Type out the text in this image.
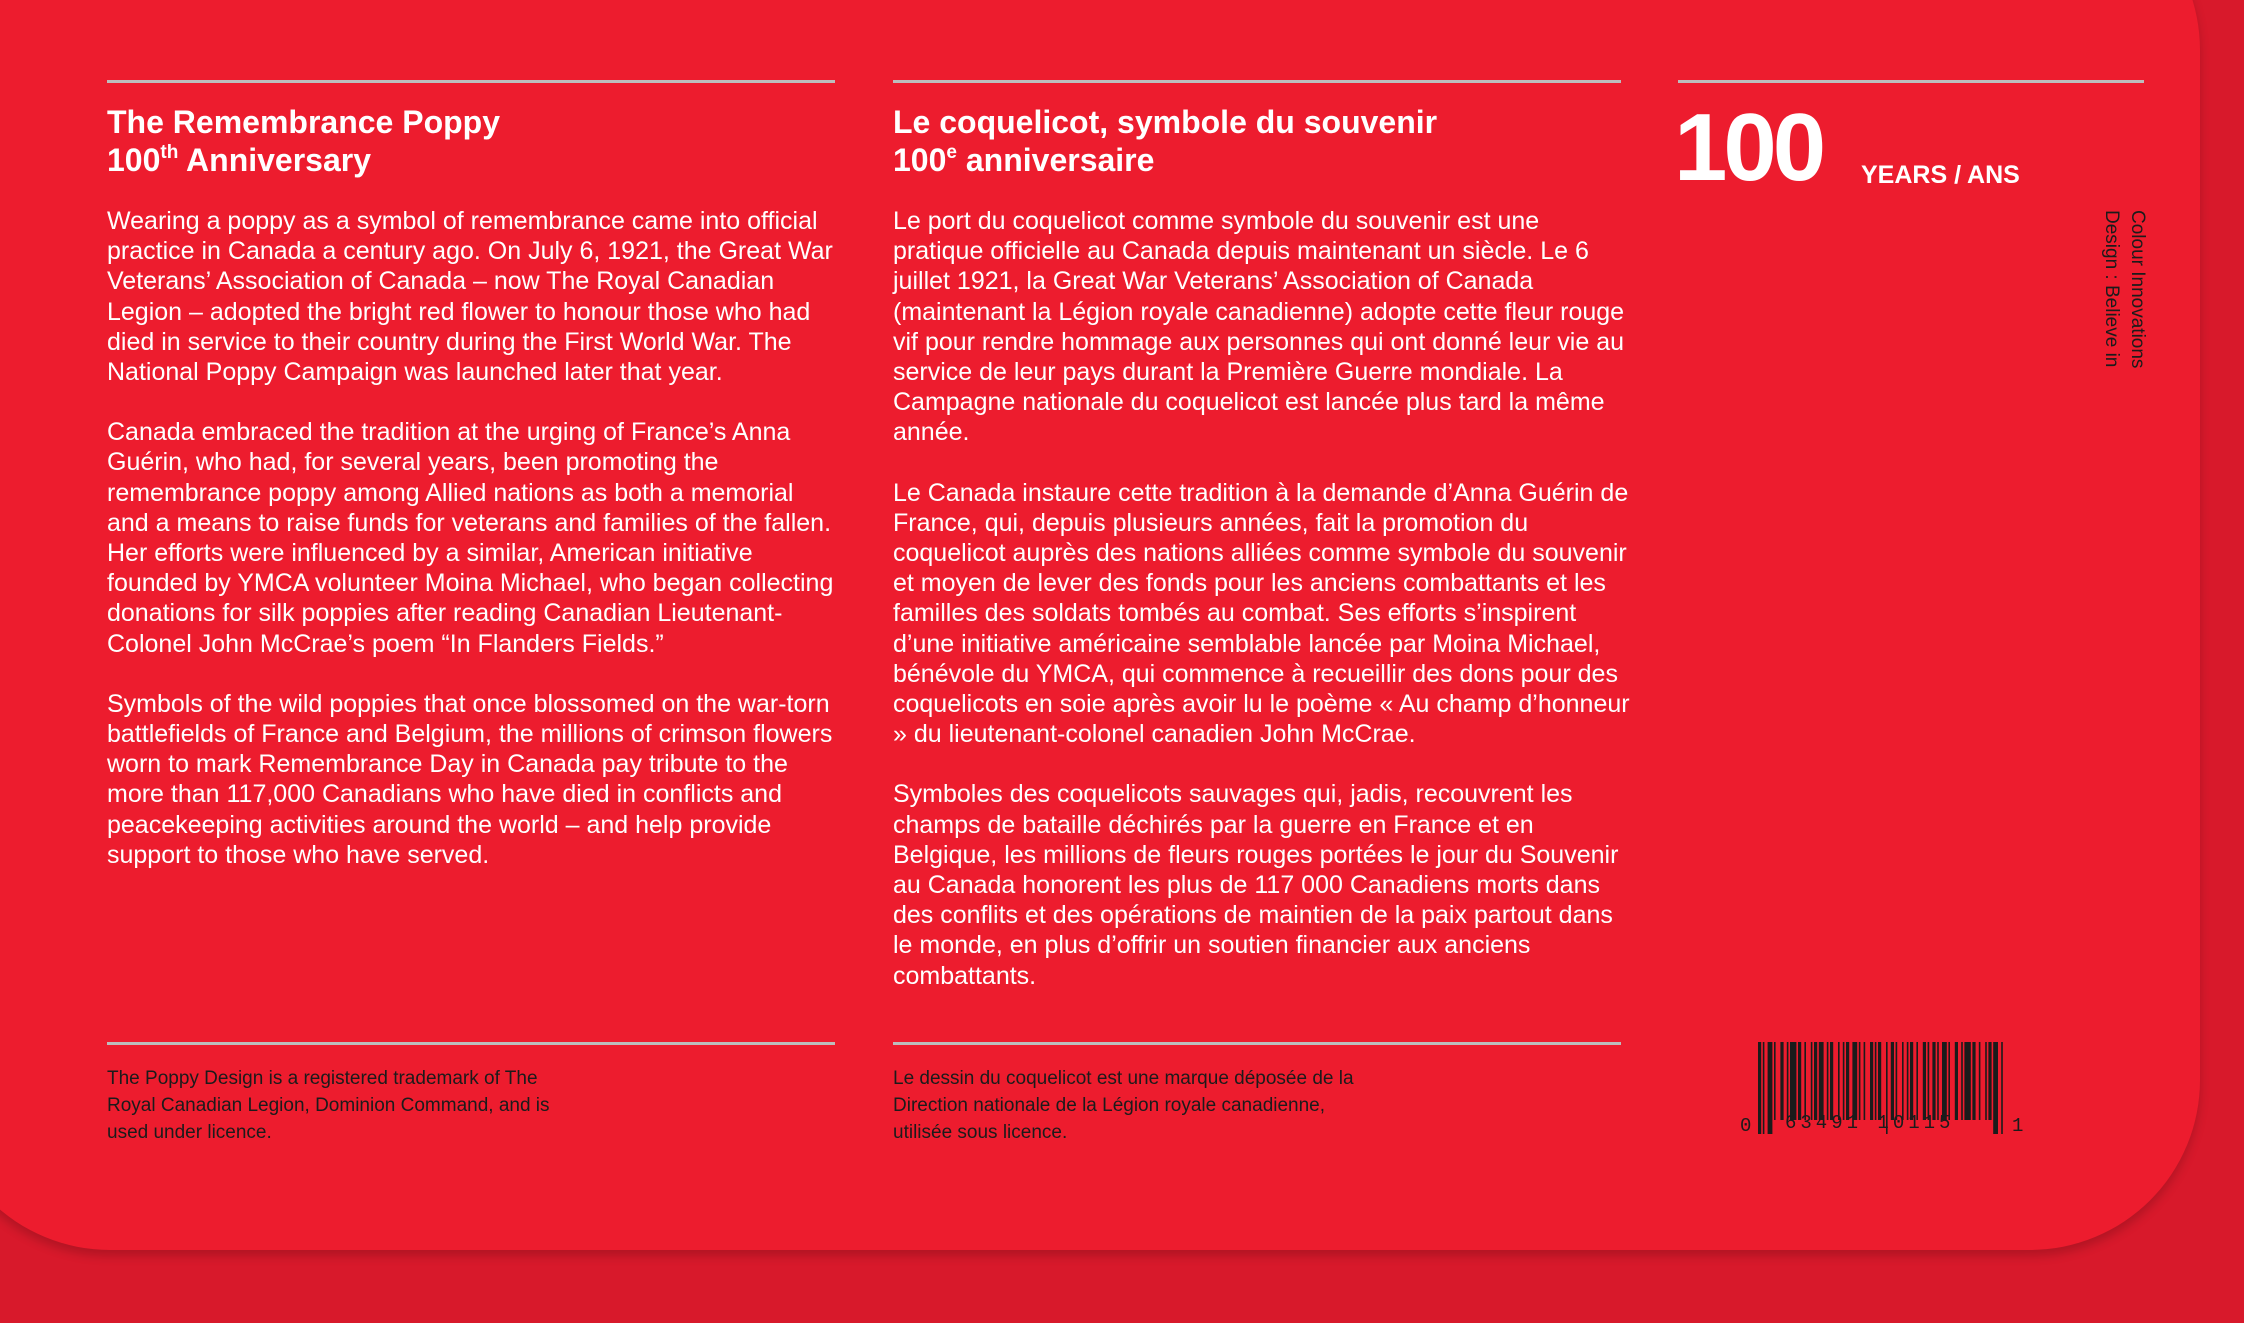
The Remembrance Poppy
100th Anniversary

Wearing a poppy as a symbol of remembrance came into official practice in Canada a century ago. On July 6, 1921, the Great War Veterans’ Association of Canada – now The Royal Canadian Legion – adopted the bright red flower to honour those who had died in service to their country during the First World War. The National Poppy Campaign was launched later that year.

Canada embraced the tradition at the urging of France’s Anna Guérin, who had, for several years, been promoting the remembrance poppy among Allied nations as both a memorial and a means to raise funds for veterans and families of the fallen. Her efforts were influenced by a similar, American initiative founded by YMCA volunteer Moina Michael, who began collecting donations for silk poppies after reading Canadian Lieutenant-Colonel John McCrae’s poem “In Flanders Fields.”

Symbols of the wild poppies that once blossomed on the war-torn battlefields of France and Belgium, the millions of crimson flowers worn to mark Remembrance Day in Canada pay tribute to the more than 117,000 Canadians who have died in conflicts and peacekeeping activities around the world – and help provide support to those who have served.

Le coquelicot, symbole du souvenir
100e anniversaire

Le port du coquelicot comme symbole du souvenir est une pratique officielle au Canada depuis maintenant un siècle. Le 6 juillet 1921, la Great War Veterans’ Association of Canada (maintenant la Légion royale canadienne) adopte cette fleur rouge vif pour rendre hommage aux personnes qui ont donné leur vie au service de leur pays durant la Première Guerre mondiale. La Campagne nationale du coquelicot est lancée plus tard la même année.

Le Canada instaure cette tradition à la demande d’Anna Guérin de France, qui, depuis plusieurs années, fait la promotion du coquelicot auprès des nations alliées comme symbole du souvenir et moyen de lever des fonds pour les anciens combattants et les familles des soldats tombés au combat. Ses efforts s’inspirent d’une initiative américaine semblable lancée par Moina Michael, bénévole du YMCA, qui commence à recueillir des dons pour des coquelicots en soie après avoir lu le poème « Au champ d’honneur » du lieutenant-colonel canadien John McCrae.

Symboles des coquelicots sauvages qui, jadis, recouvrent les champs de bataille déchirés par la guerre en France et en Belgique, les millions de fleurs rouges portées le jour du Souvenir au Canada honorent les plus de 117 000 Canadiens morts dans des conflits et des opérations de maintien de la paix partout dans le monde, en plus d’offrir un soutien financier aux anciens combattants.

100 YEARS / ANS
Colour Innovations
Design : Believe in

The Poppy Design is a registered trademark of The Royal Canadian Legion, Dominion Command, and is used under licence.

Le dessin du coquelicot est une marque déposée de la Direction nationale de la Légion royale canadienne, utilisée sous licence.	0 63491 10115	1
